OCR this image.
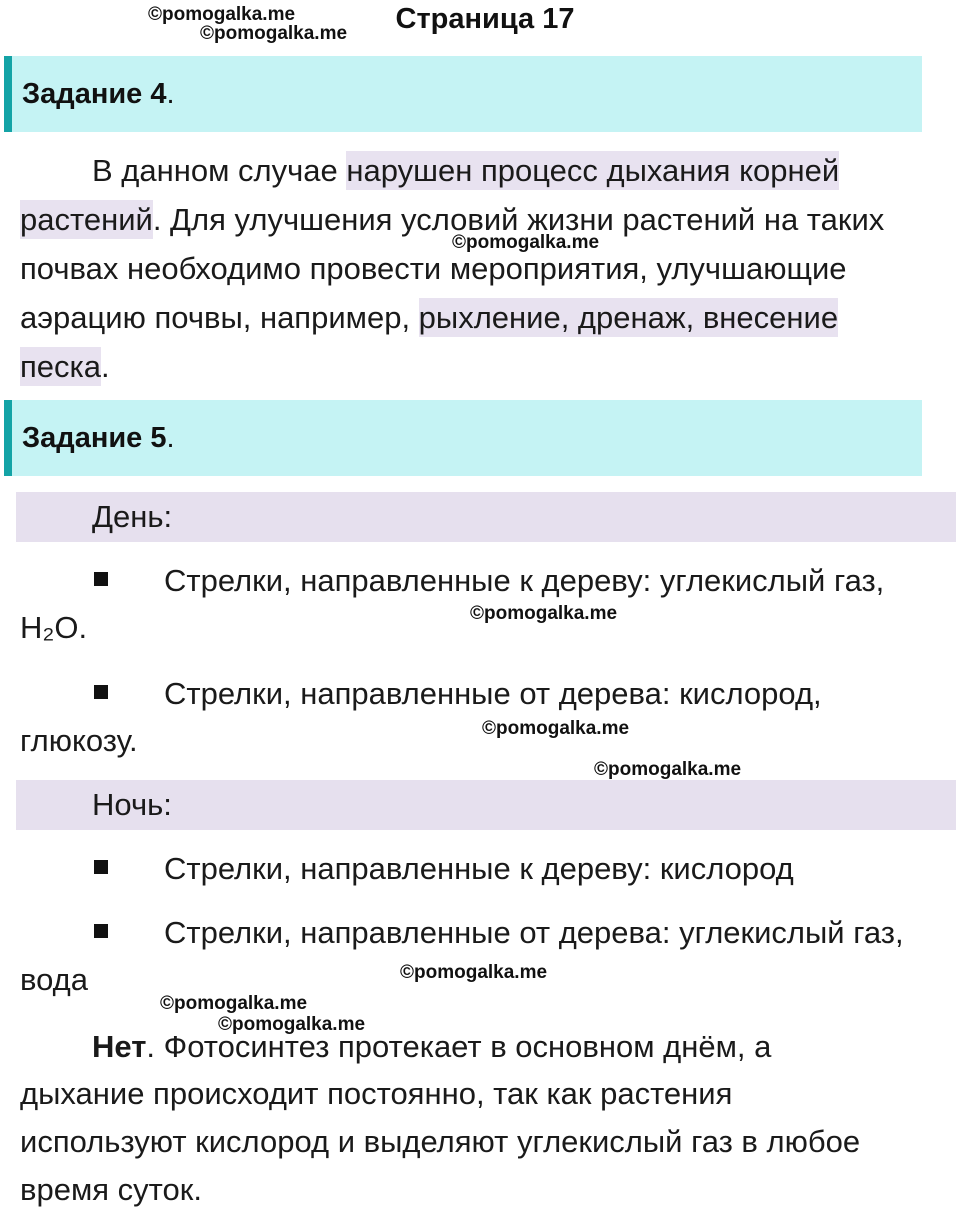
©pomogalka.me
©pomogalka.me
©pomogalka.me
©pomogalka.me
©pomogalka.me
©pomogalka.me
©pomogalka.me
©pomogalka.me
©pomogalka.me
Страница 17
Задание 4.
В данном случае нарушен процесс дыхания корней
растений. Для улучшения условий жизни растений на таких
почвах необходимо провести мероприятия, улучшающие
аэрацию почвы, например, рыхление, дренаж, внесение
песка.
Задание 5.
День:
Стрелки, направленные к дереву: углекислый газ,
H₂O.
Стрелки, направленные от дерева: кислород,
глюкозу.
Ночь:
Стрелки, направленные к дереву: кислород
Стрелки, направленные от дерева: углекислый газ,
вода
Нет. Фотосинтез протекает в основном днём, а
дыхание происходит постоянно, так как растения
используют кислород и выделяют углекислый газ в любое
время суток.
